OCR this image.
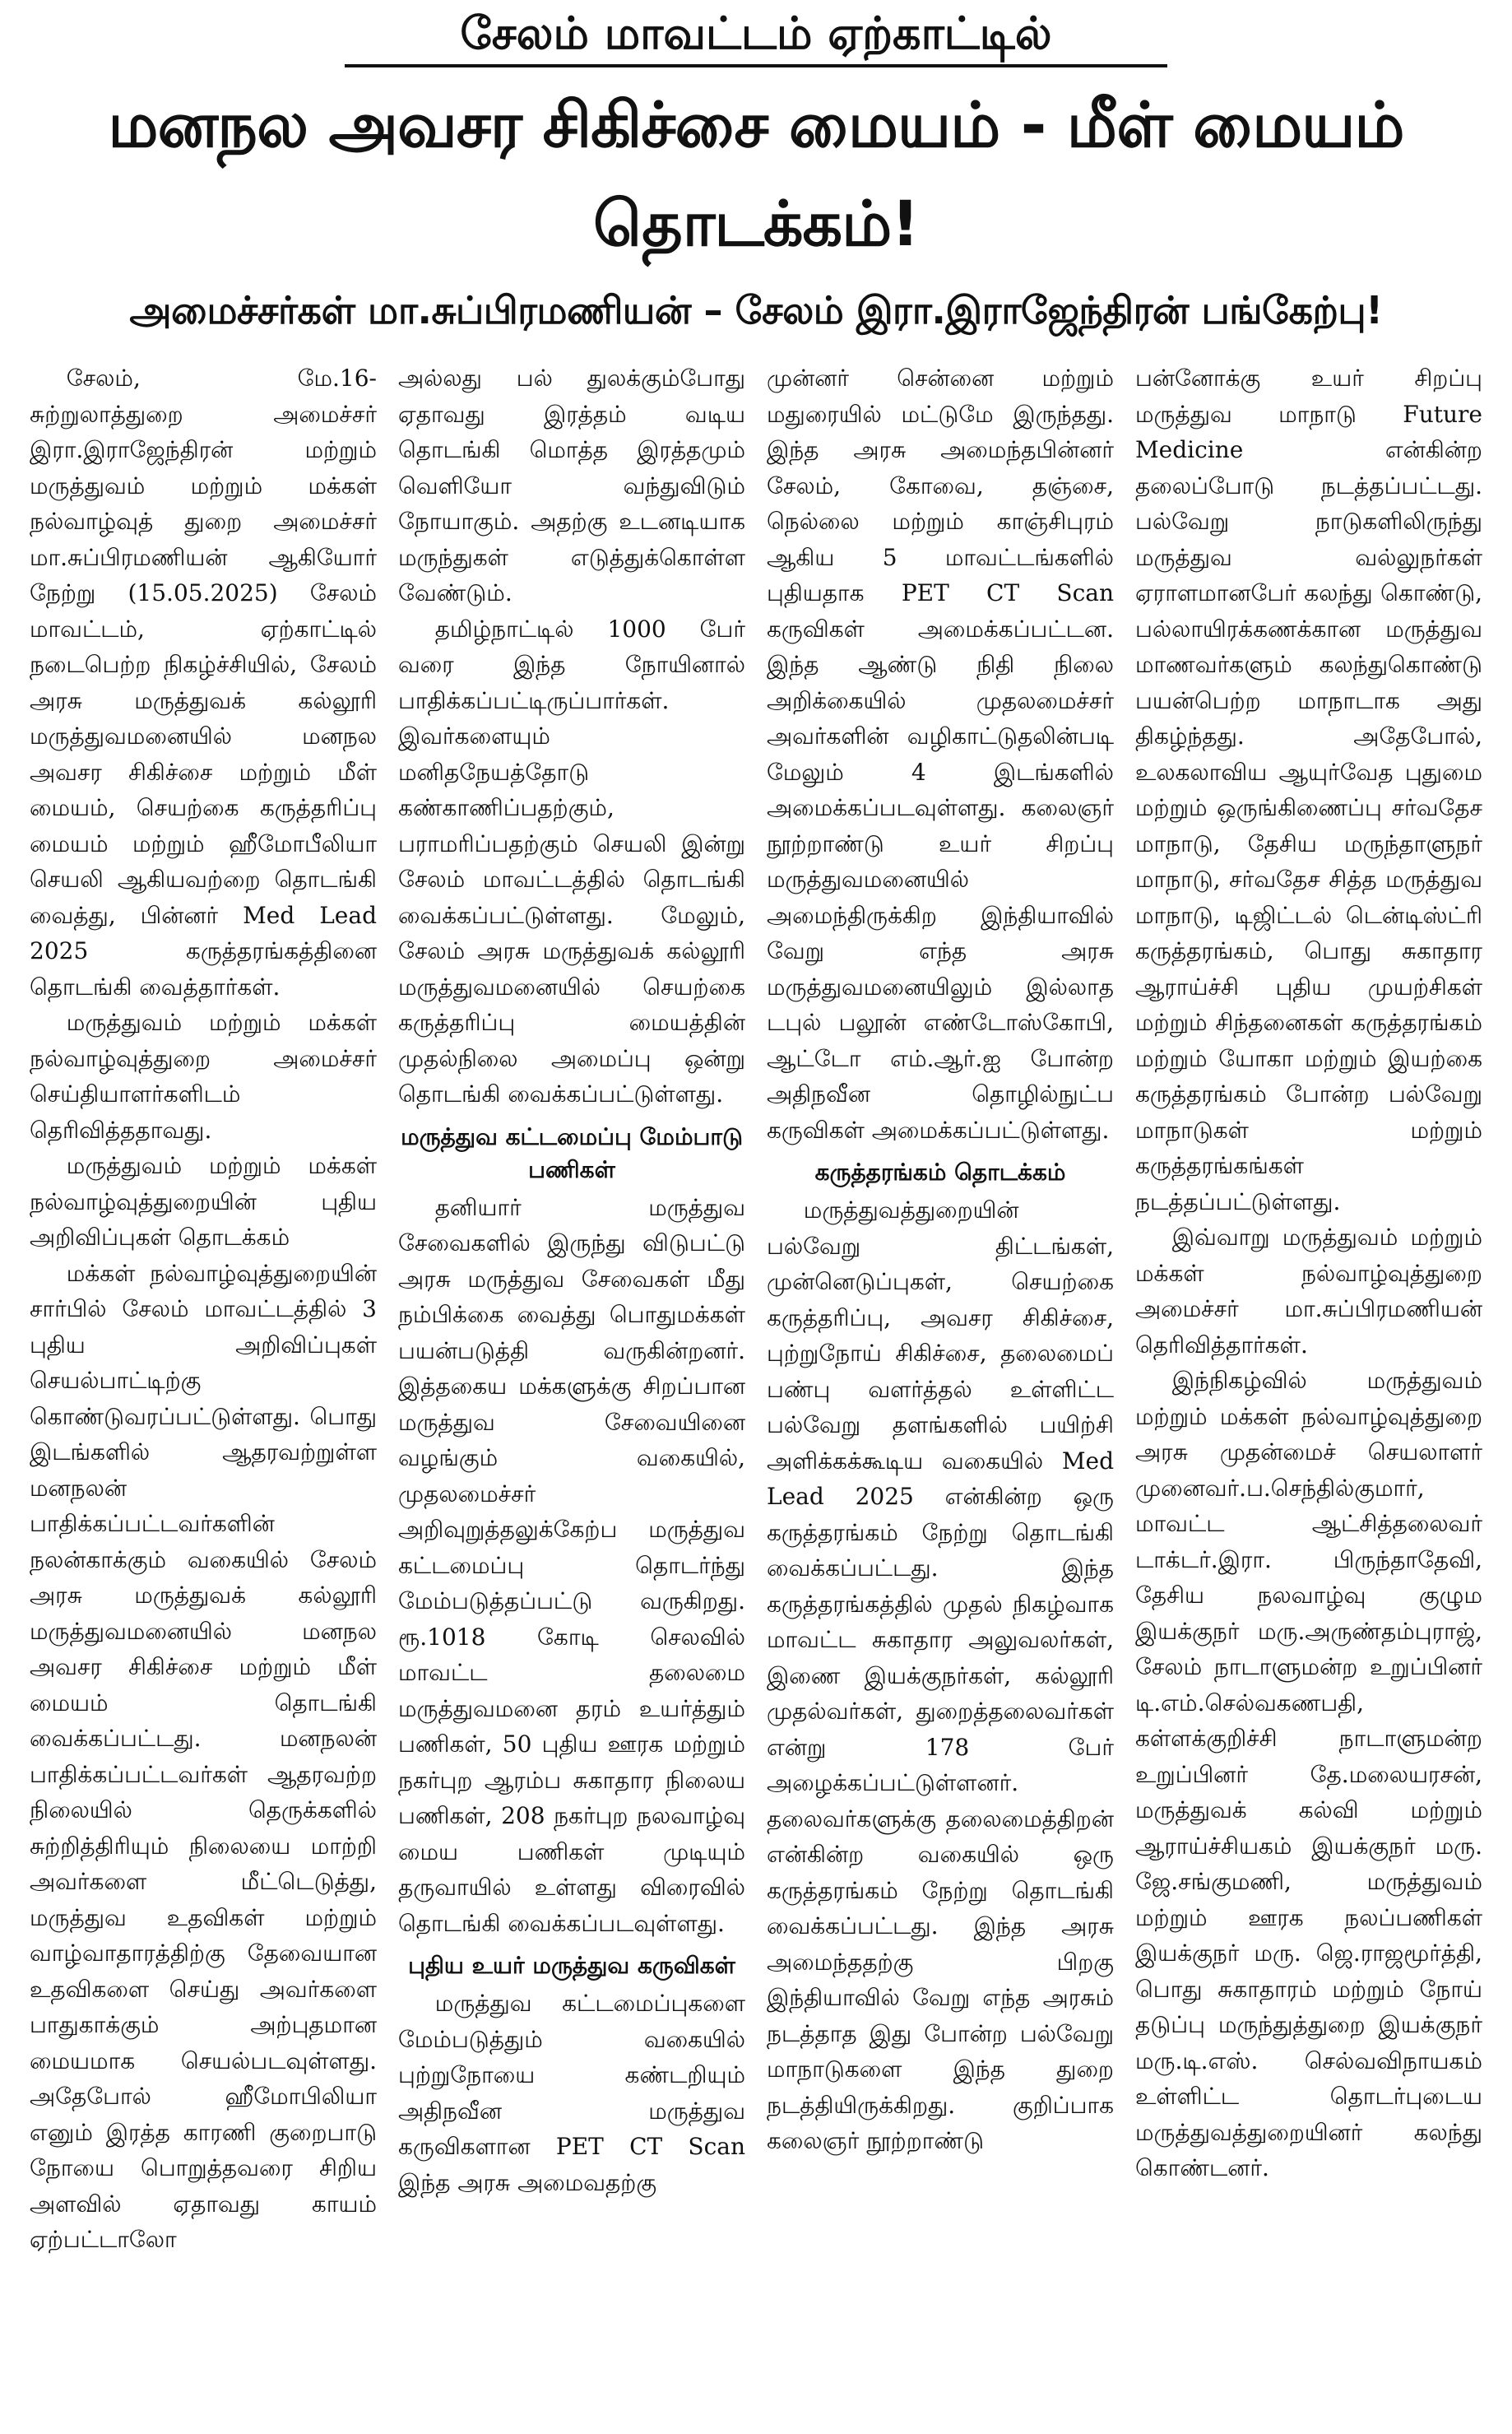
சேலம் மாவட்டம் ஏற்காட்டில்
மனநல அவசர சிகிச்சை மையம் - மீள் மையம் தொடக்கம்!
அமைச்சர்கள் மா.சுப்பிரமணியன் – சேலம் இரா.இராஜேந்திரன் பங்கேற்பு!

சேலம், மே.16- சுற்றுலாத்துறை அமைச்சர் இரா.இராஜேந்திரன் மற்றும் மருத்துவம் மற்றும் மக்கள் நல்வாழ்வுத் துறை அமைச்சர் மா.சுப்பிரமணியன் ஆகியோர் நேற்று (15.05.2025) சேலம் மாவட்டம், ஏற்காட்டில் நடைபெற்ற நிகழ்ச்சியில், சேலம் அரசு மருத்துவக் கல்லூரி மருத்துவமனையில் மனநல அவசர சிகிச்சை மற்றும் மீள் மையம், செயற்கை கருத்தரிப்பு மையம் மற்றும் ஹீமோபீலியா செயலி ஆகியவற்றை தொடங்கி வைத்து, பின்னர் Med Lead 2025 கருத்தரங்கத்தினை தொடங்கி வைத்தார்கள்.

மருத்துவம் மற்றும் மக்கள் நல்வாழ்வுத்துறை அமைச்சர் செய்தியாளர்களிடம் தெரிவித்ததாவது.

மருத்துவம் மற்றும் மக்கள் நல்வாழ்வுத்துறையின் புதிய அறிவிப்புகள் தொடக்கம்

மக்கள் நல்வாழ்வுத்துறையின் சார்பில் சேலம் மாவட்டத்தில் 3 புதிய அறிவிப்புகள் செயல்பாட்டிற்கு கொண்டுவரப்பட்டுள்ளது. பொது இடங்களில் ஆதரவற்றுள்ள மனநலன் பாதிக்கப்பட்டவர்களின் நலன்காக்கும் வகையில் சேலம் அரசு மருத்துவக் கல்லூரி மருத்துவமனையில் மனநல அவசர சிகிச்சை மற்றும் மீள் மையம் தொடங்கி வைக்கப்பட்டது. மனநலன் பாதிக்கப்பட்டவர்கள் ஆதரவற்ற நிலையில் தெருக்களில் சுற்றித்திரியும் நிலையை மாற்றி அவர்களை மீட்டெடுத்து, மருத்துவ உதவிகள் மற்றும் வாழ்வாதாரத்திற்கு தேவையான உதவிகளை செய்து அவர்களை பாதுகாக்கும் அற்புதமான மையமாக செயல்படவுள்ளது. அதேபோல் ஹீமோபிலியா எனும் இரத்த காரணி குறைபாடு நோயை பொறுத்தவரை சிறிய அளவில் ஏதாவது காயம் ஏற்பட்டாலோ

அல்லது பல் துலக்கும்போது ஏதாவது இரத்தம் வடிய தொடங்கி மொத்த இரத்தமும் வெளியோ வந்துவிடும் நோயாகும். அதற்கு உடனடியாக மருந்துகள் எடுத்துக்கொள்ள வேண்டும்.

தமிழ்நாட்டில் 1000 பேர் வரை இந்த நோயினால் பாதிக்கப்பட்டிருப்பார்கள். இவர்களையும் மனிதநேயத்தோடு கண்காணிப்பதற்கும், பராமரிப்பதற்கும் செயலி இன்று சேலம் மாவட்டத்தில் தொடங்கி வைக்கப்பட்டுள்ளது. மேலும், சேலம் அரசு மருத்துவக் கல்லூரி மருத்துவமனையில் செயற்கை கருத்தரிப்பு மையத்தின் முதல்நிலை அமைப்பு ஒன்று தொடங்கி வைக்கப்பட்டுள்ளது.

மருத்துவ கட்டமைப்பு மேம்பாடு பணிகள்

தனியார் மருத்துவ சேவைகளில் இருந்து விடுபட்டு அரசு மருத்துவ சேவைகள் மீது நம்பிக்கை வைத்து பொதுமக்கள் பயன்படுத்தி வருகின்றனர். இத்தகைய மக்களுக்கு சிறப்பான மருத்துவ சேவையினை வழங்கும் வகையில், முதலமைச்சர் அறிவுறுத்தலுக்கேற்ப மருத்துவ கட்டமைப்பு தொடர்ந்து மேம்படுத்தப்பட்டு வருகிறது. ரூ.1018 கோடி செலவில் மாவட்ட தலைமை மருத்துவமனை தரம் உயர்த்தும் பணிகள், 50 புதிய ஊரக மற்றும் நகர்புற ஆரம்ப சுகாதார நிலைய பணிகள், 208 நகர்புற நலவாழ்வு மைய பணிகள் முடியும் தருவாயில் உள்ளது விரைவில் தொடங்கி வைக்கப்படவுள்ளது.

புதிய உயர் மருத்துவ கருவிகள்

மருத்துவ கட்டமைப்புகளை மேம்படுத்தும் வகையில் புற்றுநோயை கண்டறியும் அதிநவீன மருத்துவ கருவிகளான PET CT Scan இந்த அரசு அமைவதற்கு

முன்னர் சென்னை மற்றும் மதுரையில் மட்டுமே இருந்தது. இந்த அரசு அமைந்தபின்னர் சேலம், கோவை, தஞ்சை, நெல்லை மற்றும் காஞ்சிபுரம் ஆகிய 5 மாவட்டங்களில் புதியதாக PET CT Scan கருவிகள் அமைக்கப்பட்டன. இந்த ஆண்டு நிதி நிலை அறிக்கையில் முதலமைச்சர் அவர்களின் வழிகாட்டுதலின்படி மேலும் 4 இடங்களில் அமைக்கப்படவுள்ளது. கலைஞர் நூற்றாண்டு உயர் சிறப்பு மருத்துவமனையில் அமைந்திருக்கிற இந்தியாவில் வேறு எந்த அரசு மருத்துவமனையிலும் இல்லாத டபுல் பலூன் எண்டோஸ்கோபி, ஆட்டோ எம்.ஆர்.ஐ போன்ற அதிநவீன தொழில்நுட்ப கருவிகள் அமைக்கப்பட்டுள்ளது.

கருத்தரங்கம் தொடக்கம்

மருத்துவத்துறையின் பல்வேறு திட்டங்கள், முன்னெடுப்புகள், செயற்கை கருத்தரிப்பு, அவசர சிகிச்சை, புற்றுநோய் சிகிச்சை, தலைமைப் பண்பு வளர்த்தல் உள்ளிட்ட பல்வேறு தளங்களில் பயிற்சி அளிக்கக்கூடிய வகையில் Med Lead 2025 என்கின்ற ஒரு கருத்தரங்கம் நேற்று தொடங்கி வைக்கப்பட்டது. இந்த கருத்தரங்கத்தில் முதல் நிகழ்வாக மாவட்ட சுகாதார அலுவலர்கள், இணை இயக்குநர்கள், கல்லூரி முதல்வர்கள், துறைத்தலைவர்கள் என்று 178 பேர் அழைக்கப்பட்டுள்ளனர். தலைவர்களுக்கு தலைமைத்திறன் என்கின்ற வகையில் ஒரு கருத்தரங்கம் நேற்று தொடங்கி வைக்கப்பட்டது. இந்த அரசு அமைந்ததற்கு பிறகு இந்தியாவில் வேறு எந்த அரசும் நடத்தாத இது போன்ற பல்வேறு மாநாடுகளை இந்த துறை நடத்தியிருக்கிறது. குறிப்பாக கலைஞர் நூற்றாண்டு

பன்னோக்கு உயர் சிறப்பு மருத்துவ மாநாடு Future Medicine என்கின்ற தலைப்போடு நடத்தப்பட்டது. பல்வேறு நாடுகளிலிருந்து மருத்துவ வல்லுநர்கள் ஏராளமானபேர் கலந்து கொண்டு, பல்லாயிரக்கணக்கான மருத்துவ மாணவர்களும் கலந்துகொண்டு பயன்பெற்ற மாநாடாக அது திகழ்ந்தது. அதேபோல், உலகலாவிய ஆயுர்வேத புதுமை மற்றும் ஒருங்கிணைப்பு சர்வதேச மாநாடு, தேசிய மருந்தாளுநர் மாநாடு, சர்வதேச சித்த மருத்துவ மாநாடு, டிஜிட்டல் டென்டிஸ்ட்ரி கருத்தரங்கம், பொது சுகாதார ஆராய்ச்சி புதிய முயற்சிகள் மற்றும் சிந்தனைகள் கருத்தரங்கம் மற்றும் யோகா மற்றும் இயற்கை கருத்தரங்கம் போன்ற பல்வேறு மாநாடுகள் மற்றும் கருத்தரங்கங்கள் நடத்தப்பட்டுள்ளது.

இவ்வாறு மருத்துவம் மற்றும் மக்கள் நல்வாழ்வுத்துறை அமைச்சர் மா.சுப்பிரமணியன் தெரிவித்தார்கள்.

இந்நிகழ்வில் மருத்துவம் மற்றும் மக்கள் நல்வாழ்வுத்துறை அரசு முதன்மைச் செயலாளர் முனைவர்.ப.செந்தில்குமார், மாவட்ட ஆட்சித்தலைவர் டாக்டர்.இரா. பிருந்தாதேவி, தேசிய நலவாழ்வு குழும இயக்குநர் மரு.அருண்தம்புராஜ், சேலம் நாடாளுமன்ற உறுப்பினர் டி.எம்.செல்வகணபதி, கள்ளக்குறிச்சி நாடாளுமன்ற உறுப்பினர் தே.மலையரசன், மருத்துவக் கல்வி மற்றும் ஆராய்ச்சியகம் இயக்குநர் மரு. ஜே.சங்குமணி, மருத்துவம் மற்றும் ஊரக நலப்பணிகள் இயக்குநர் மரு. ஜெ.ராஜமூர்த்தி, பொது சுகாதாரம் மற்றும் நோய் தடுப்பு மருந்துத்துறை இயக்குநர் மரு.டி.எஸ். செல்வவிநாயகம் உள்ளிட்ட தொடர்புடைய மருத்துவத்துறையினர் கலந்து கொண்டனர்.
